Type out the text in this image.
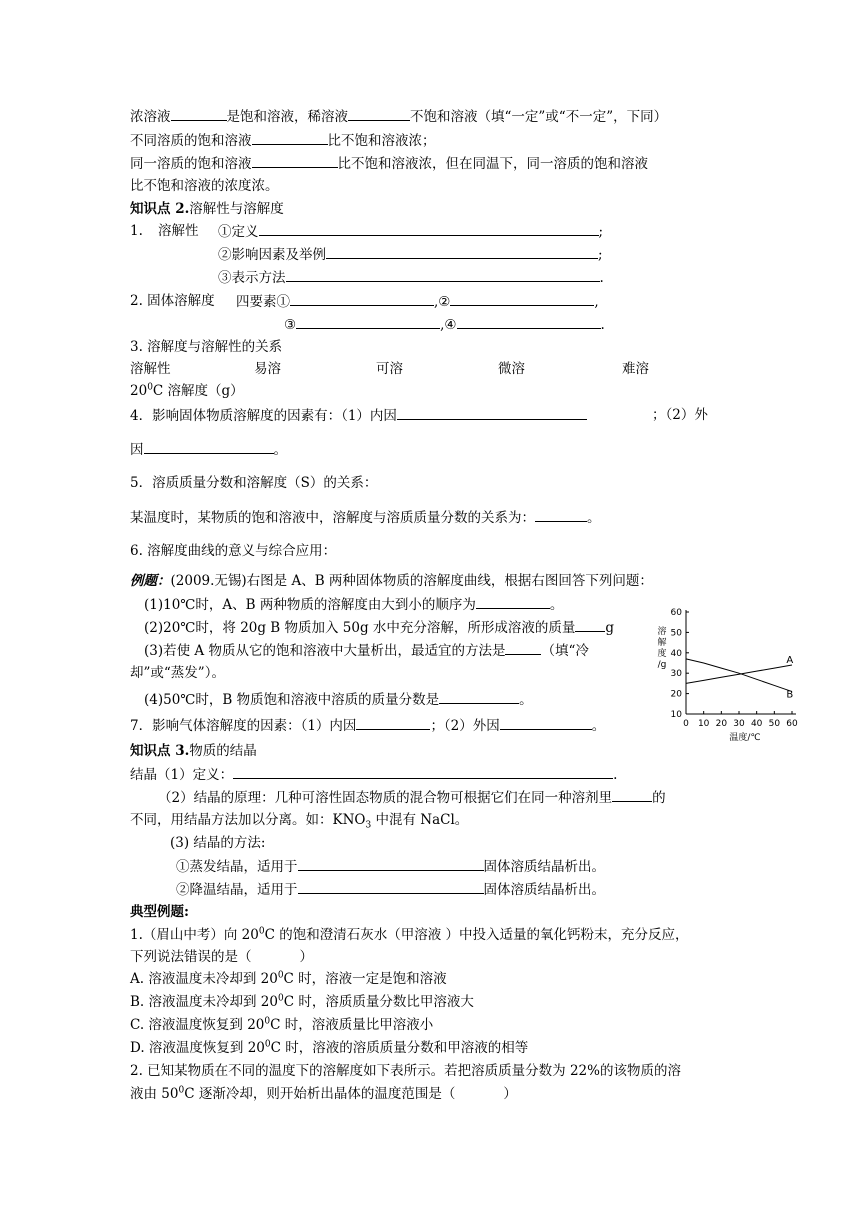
浓溶液	是饱和溶液，稀溶液	不饱和溶液（填“一定”或“不一定”，下同）
不同溶质的饱和溶液	比不饱和溶液浓；
同一溶质的饱和溶液	比不饱和溶液浓，但在同温下，同一溶质的饱和溶液
比不饱和溶液的浓度浓。
知识点 2.溶解性与溶解度
1. 溶解性 ①定义	;
②影响因素及举例	;
③表示方法	.
2. 固体溶解度 四要素①	,②	,
③	,④	.
3. 溶解度与溶解性的关系
溶解性	易溶	可溶	微溶	难溶
$20^0C$ 溶解度（g）
4．影响固体物质溶解度的因素有：（1）内因	；（2）外
因	。
5．溶质质量分数和溶解度（S）的关系：
某温度时，某物质的饱和溶液中，溶解度与溶质质量分数的关系为：	。
6. 溶解度曲线的意义与综合应用：
例题：(2009.无锡)右图是 A、B 两种固体物质的溶解度曲线，根据右图回答下列问题：
(1)10℃时，A、B 两种物质的溶解度由大到小的顺序为	。
(2)20℃时，将 20g B 物质加入 50g 水中充分溶解，所形成溶液的质量 g
(3)若使 A 物质从它的饱和溶液中大量析出，最适宜的方法是	（填“冷
却”或“蒸发”）。
(4)50℃时，B 物质饱和溶液中溶质的质量分数是	。
7．影响气体溶解度的因素：（1）内因	；（2）外因	。	0 10 20 30 40 50 60
10
20
30
40
50
60
溶
解
度
/g
温度/℃
A
B
知识点 3.物质的结晶
结晶（1）定义：	.
（2）结晶的原理：几种可溶性固态物质的混合物可根据它们在同一种溶剂里	的
不同，用结晶方法加以分离。如：$KNO_3$ 中混有 NaCl。
(3) 结晶的方法:
①蒸发结晶，适用于	固体溶质结晶析出。
②降温结晶，适用于	固体溶质结晶析出。
典型例题:
1.（眉山中考）向 $20^0C$ 的饱和澄清石灰水（甲溶液 ）中投入适量的氧化钙粉末，充分反应，
下列说法错误的是（	）
A. 溶液温度未冷却到 $20^0C$ 时，溶液一定是饱和溶液
B. 溶液温度未冷却到 $20^0C$ 时，溶质质量分数比甲溶液大
C. 溶液温度恢复到 $20^0C$ 时，溶液质量比甲溶液小
D. 溶液温度恢复到 $20^0C$ 时，溶液的溶质质量分数和甲溶液的相等
2. 已知某物质在不同的温度下的溶解度如下表所示。若把溶质质量分数为 22%的该物质的溶
液由 $50^0C$ 逐渐冷却，则开始析出晶体的温度范围是（	）
